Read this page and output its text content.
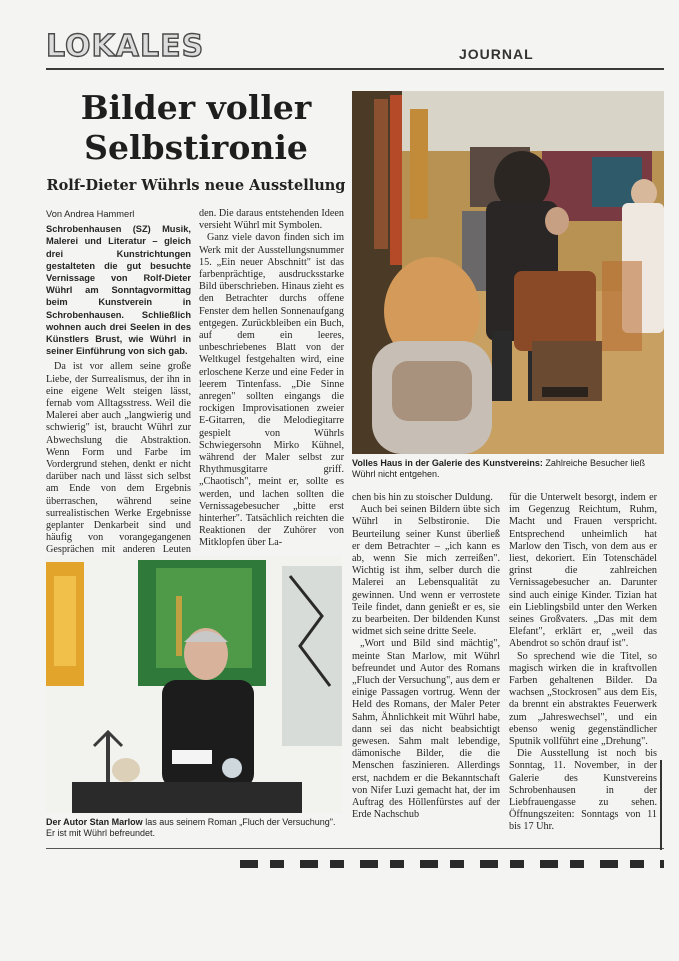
LOKALES	JOURNAL
Bilder voller
Selbstironie
Rolf-Dieter Wührls neue Ausstellung
Volles Haus in der Galerie des Kunstvereins: Zahlreiche Besucher ließ
Wührl nicht entgehen.

Von Andrea Hammerl

Schrobenhausen (SZ) Musik, Malerei und Literatur – gleich drei Kunstrichtungen gestalteten die gut besuchte Vernissage von Rolf-Dieter Wührl am Sonntagvormittag beim Kunstverein in Schrobenhausen. Schließlich wohnen auch drei Seelen in des Künstlers Brust, wie Wührl in seiner Einführung von sich gab.

Da ist vor allem seine große Liebe, der Surrealismus, der ihn in eine eigene Welt steigen lässt, fernab vom Alltagsstress. Weil die Malerei aber auch „langwierig und schwierig" ist, braucht Wührl zur Abwechslung die Abstraktion. Wenn Form und Farbe im Vordergrund stehen, denkt er nicht darüber nach und lässt sich selbst am Ende von dem Ergebnis überraschen, während seine surrealistischen Werke Ergebnisse geplanter Denkarbeit sind und häufig von vorangegangenen Gesprächen mit anderen Leuten

den. Die daraus entstehenden Ideen versieht Wührl mit Symbolen.

Ganz viele davon finden sich im Werk mit der Ausstellungsnummer 15. „Ein neuer Abschnitt" ist das farbenprächtige, ausdrucksstarke Bild überschrieben. Hinaus zieht es den Betrachter durchs offene Fenster dem hellen Sonnenaufgang entgegen. Zurückbleiben ein Buch, auf dem ein leeres, unbeschriebenes Blatt von der Weltkugel festgehalten wird, eine erloschene Kerze und eine Feder in leerem Tintenfass. „Die Sinne anregen" sollten eingangs die rockigen Improvisationen zweier E-Gitarren, die Melodiegitarre gespielt von Wührls Schwiegersohn Mirko Kühnel, während der Maler selbst zur Rhythmusgitarre griff. „Chaotisch", meint er, sollte es werden, und lachen sollten die Vernissagebesucher „bitte erst hinterher". Tatsächlich reichten die Reaktionen der Zuhörer von Mitklopfen über La-

Der Autor Stan Marlow las aus seinem Roman „Fluch der Versuchung". Er ist mit Wührl befreundet.

chen bis hin zu stoischer Duldung.

Auch bei seinen Bildern übte sich Wührl in Selbstironie. Die Beurteilung seiner Kunst überließ er dem Betrachter – „ich kann es ab, wenn Sie mich zerreißen". Wichtig ist ihm, selber durch die Malerei an Lebensqualität zu gewinnen. Und wenn er verrostete Teile findet, dann genießt er es, sie zu bearbeiten. Der bildenden Kunst widmet sich seine dritte Seele.

„Wort und Bild sind mächtig", meinte Stan Marlow, mit Wührl befreundet und Autor des Romans „Fluch der Versuchung", aus dem er einige Passagen vortrug. Wenn der Held des Romans, der Maler Peter Sahm, Ähnlichkeit mit Wührl habe, dann sei das nicht beabsichtigt gewesen. Sahm malt lebendige, dämonische Bilder, die die Menschen faszinieren. Allerdings erst, nachdem er die Bekanntschaft von Nifer Luzi gemacht hat, der im Auftrag des Höllenfürstes auf der Erde Nachschub

für die Unterwelt besorgt, indem er im Gegenzug Reichtum, Ruhm, Macht und Frauen verspricht. Entsprechend unheimlich hat Marlow den Tisch, von dem aus er liest, dekoriert. Ein Totenschädel grinst die zahlreichen Vernissagebesucher an. Darunter sind auch einige Kinder. Tizian hat ein Lieblingsbild unter den Werken seines Großvaters. „Das mit dem Elefant", erklärt er, „weil das Abendrot so schön drauf ist".

So sprechend wie die Titel, so magisch wirken die in kraftvollen Farben gehaltenen Bilder. Da wachsen „Stockrosen" aus dem Eis, da brennt ein abstraktes Feuerwerk zum „Jahreswechsel", und ein ebenso wenig gegenständlicher Sputnik vollführt eine „Drehung".

Die Ausstellung ist noch bis Sonntag, 11. November, in der Galerie des Kunstvereins Schrobenhausen in der Liebfrauengasse zu sehen. Öffnungszeiten: Sonntags von 11 bis 17 Uhr.
